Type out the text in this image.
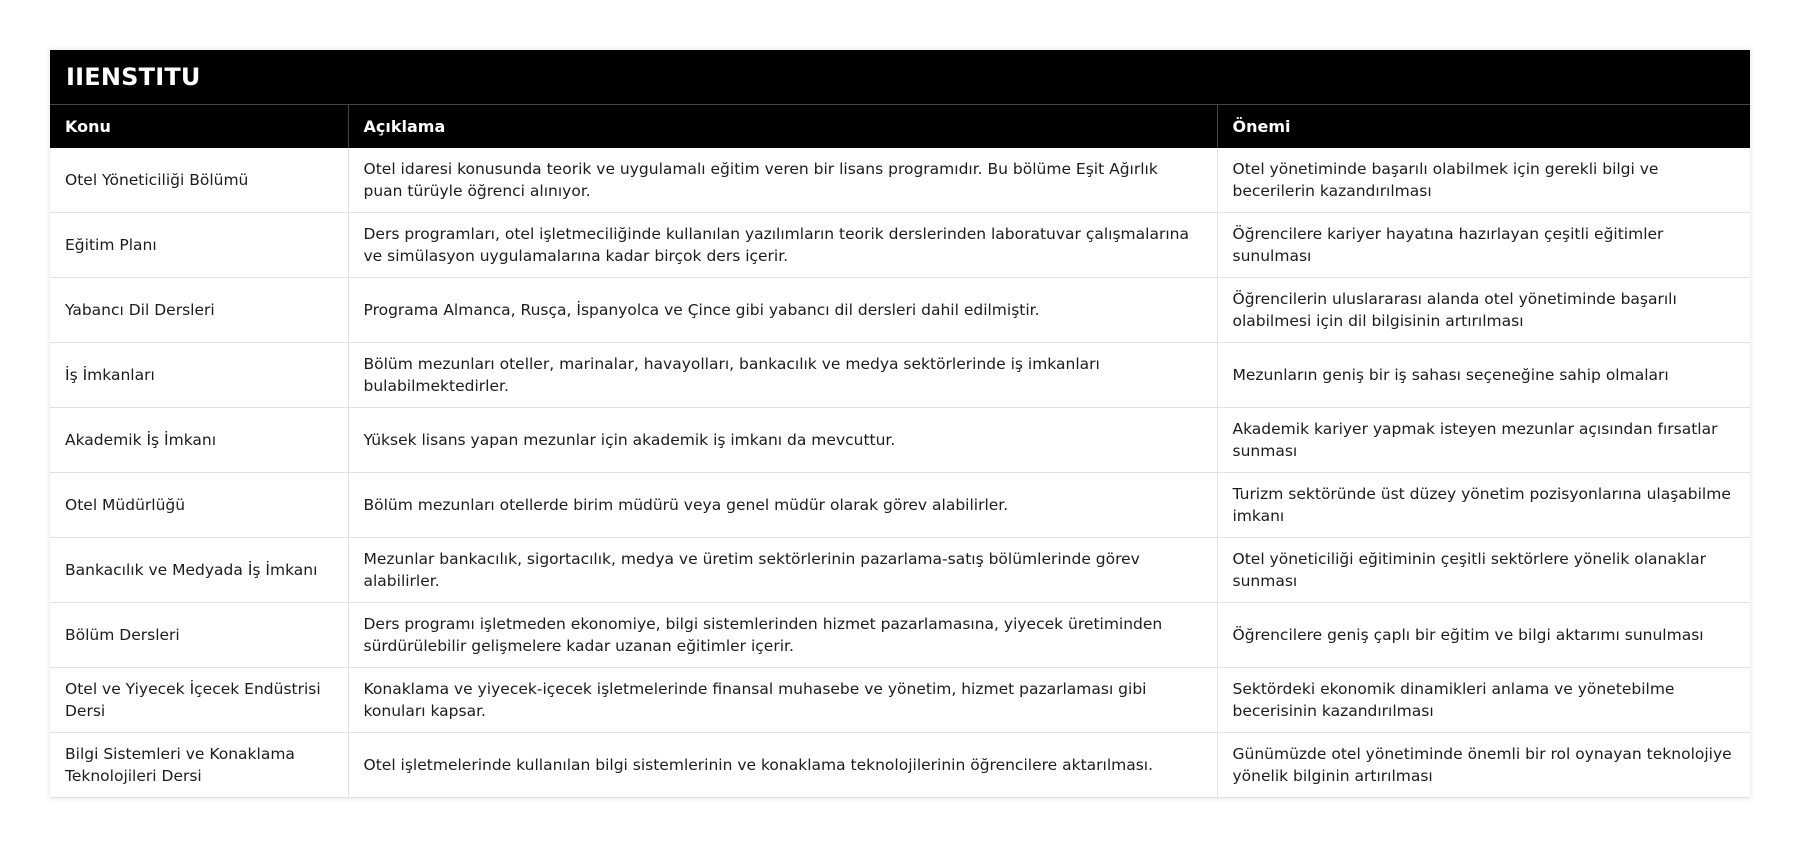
IIENSTITU
Konu	Açıklama	Önemi
Otel Yöneticiliği Bölümü	Otel idaresi konusunda teorik ve uygulamalı eğitim veren bir lisans programıdır. Bu bölüme Eşit Ağırlık puan türüyle öğrenci alınıyor.	Otel yönetiminde başarılı olabilmek için gerekli bilgi ve becerilerin kazandırılması
Eğitim Planı	Ders programları, otel işletmeciliğinde kullanılan yazılımların teorik derslerinden laboratuvar çalışmalarına ve simülasyon uygulamalarına kadar birçok ders içerir.	Öğrencilere kariyer hayatına hazırlayan çeşitli eğitimler sunulması
Yabancı Dil Dersleri	Programa Almanca, Rusça, İspanyolca ve Çince gibi yabancı dil dersleri dahil edilmiştir.	Öğrencilerin uluslararası alanda otel yönetiminde başarılı olabilmesi için dil bilgisinin artırılması
İş İmkanları	Bölüm mezunları oteller, marinalar, havayolları, bankacılık ve medya sektörlerinde iş imkanları bulabilmektedirler.	Mezunların geniş bir iş sahası seçeneğine sahip olmaları
Akademik İş İmkanı	Yüksek lisans yapan mezunlar için akademik iş imkanı da mevcuttur.	Akademik kariyer yapmak isteyen mezunlar açısından fırsatlar sunması
Otel Müdürlüğü	Bölüm mezunları otellerde birim müdürü veya genel müdür olarak görev alabilirler.	Turizm sektöründe üst düzey yönetim pozisyonlarına ulaşabilme imkanı
Bankacılık ve Medyada İş İmkanı	Mezunlar bankacılık, sigortacılık, medya ve üretim sektörlerinin pazarlama-satış bölümlerinde görev alabilirler.	Otel yöneticiliği eğitiminin çeşitli sektörlere yönelik olanaklar sunması
Bölüm Dersleri	Ders programı işletmeden ekonomiye, bilgi sistemlerinden hizmet pazarlamasına, yiyecek üretiminden sürdürülebilir gelişmelere kadar uzanan eğitimler içerir.	Öğrencilere geniş çaplı bir eğitim ve bilgi aktarımı sunulması
Otel ve Yiyecek İçecek Endüstrisi Dersi	Konaklama ve yiyecek-içecek işletmelerinde finansal muhasebe ve yönetim, hizmet pazarlaması gibi konuları kapsar.	Sektördeki ekonomik dinamikleri anlama ve yönetebilme becerisinin kazandırılması
Bilgi Sistemleri ve Konaklama Teknolojileri Dersi	Otel işletmelerinde kullanılan bilgi sistemlerinin ve konaklama teknolojilerinin öğrencilere aktarılması.	Günümüzde otel yönetiminde önemli bir rol oynayan teknolojiye yönelik bilginin artırılması
